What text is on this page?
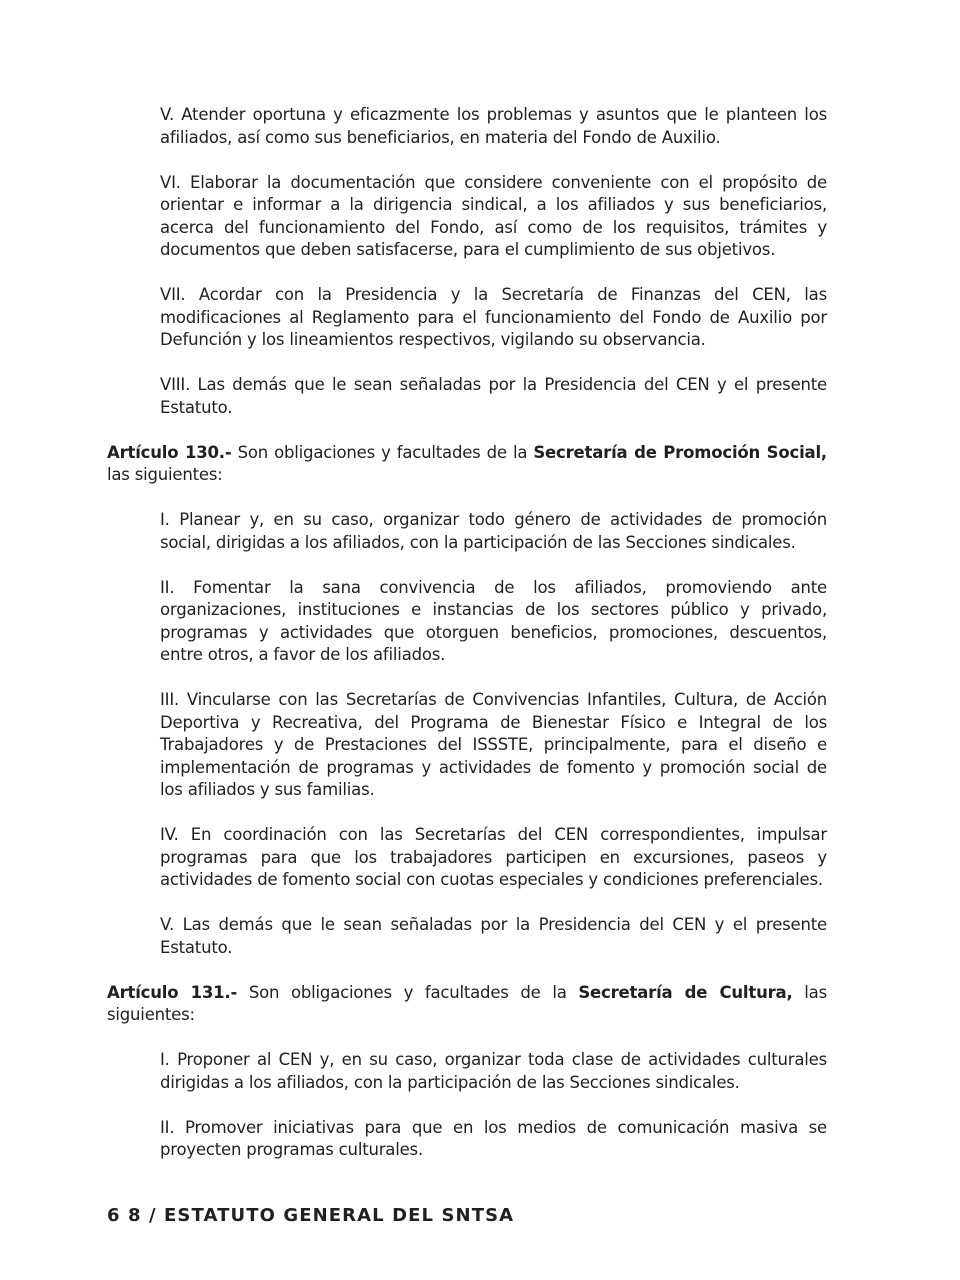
V. Atender oportuna y eficazmente los problemas y asuntos que le planteen los afiliados, así como sus beneficiarios, en materia del Fondo de Auxilio.

VI. Elaborar la documentación que considere conveniente con el propósito de orientar e informar a la dirigencia sindical, a los afiliados y sus beneficiarios, acerca del funcionamiento del Fondo, así como de los requisitos, trámites y documentos que deben satisfacerse, para el cumplimiento de sus objetivos.

VII. Acordar con la Presidencia y la Secretaría de Finanzas del CEN, las modificaciones al Reglamento para el funcionamiento del Fondo de Auxilio por Defunción y los lineamientos respectivos, vigilando su observancia.

VIII. Las demás que le sean señaladas por la Presidencia del CEN y el presente Estatuto.

Artículo 130.- Son obligaciones y facultades de la Secretaría de Promoción Social, las siguientes:

I. Planear y, en su caso, organizar todo género de actividades de promoción social, dirigidas a los afiliados, con la participación de las Secciones sindicales.

II. Fomentar la sana convivencia de los afiliados, promoviendo ante organizaciones, instituciones e instancias de los sectores público y privado, programas y actividades que otorguen beneficios, promociones, descuentos, entre otros, a favor de los afiliados.

III. Vincularse con las Secretarías de Convivencias Infantiles, Cultura, de Acción Deportiva y Recreativa, del Programa de Bienestar Físico e Integral de los Trabajadores y de Prestaciones del ISSSTE, principalmente, para el diseño e implementación de programas y actividades de fomento y promoción social de los afiliados y sus familias.

IV. En coordinación con las Secretarías del CEN correspondientes, impulsar programas para que los trabajadores participen en excursiones, paseos y actividades de fomento social con cuotas especiales y condiciones preferenciales.

V. Las demás que le sean señaladas por la Presidencia del CEN y el presente Estatuto.

Artículo 131.- Son obligaciones y facultades de la Secretaría de Cultura, las siguientes:

I. Proponer al CEN y, en su caso, organizar toda clase de actividades culturales dirigidas a los afiliados, con la participación de las Secciones sindicales.

II. Promover iniciativas para que en los medios de comunicación masiva se proyecten programas culturales.

6 8 / ESTATUTO GENERAL DEL SNTSA
